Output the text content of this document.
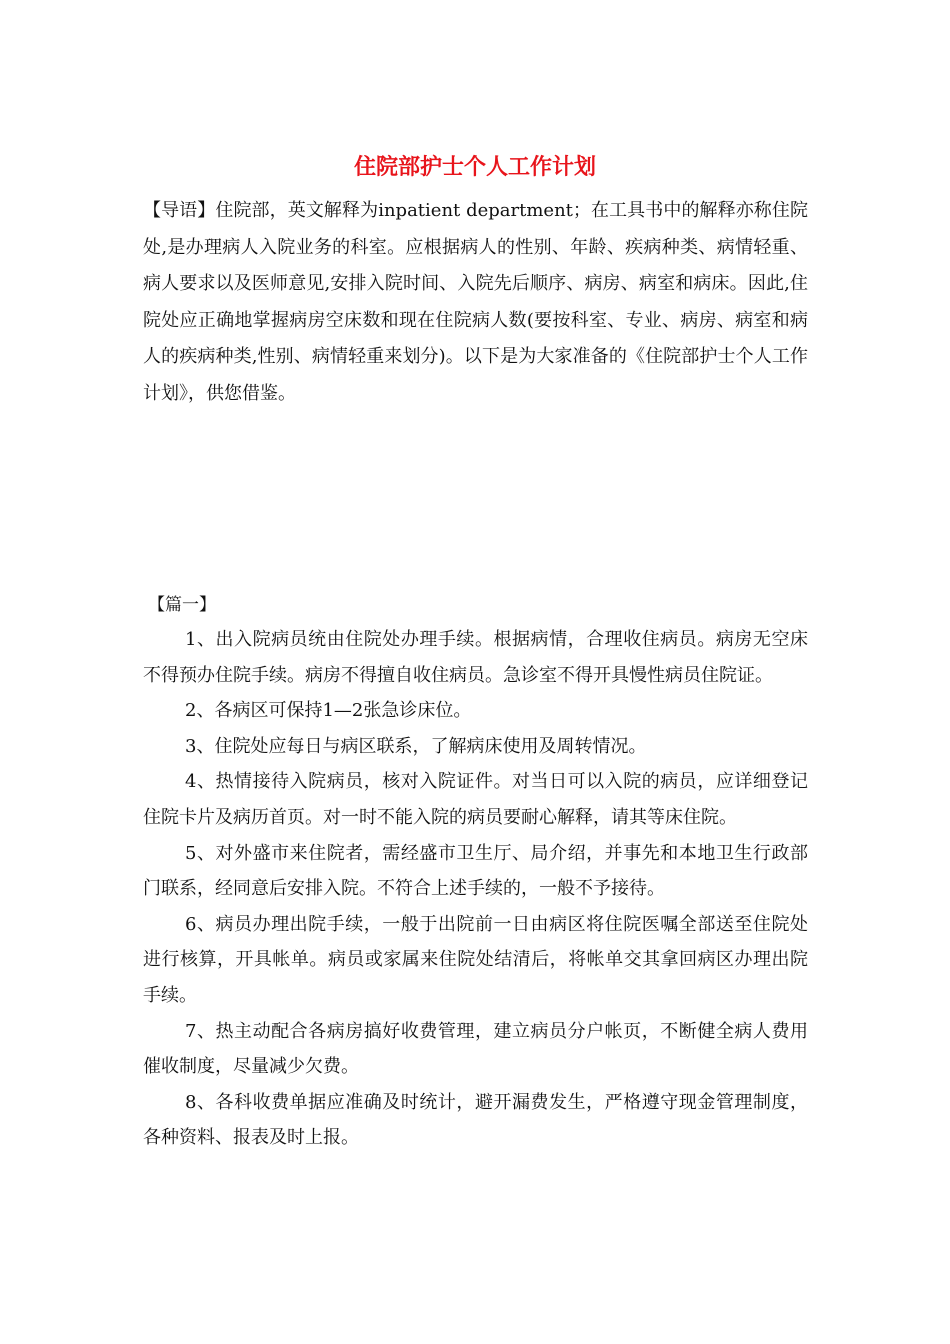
住院部护士个人工作计划

【导语】住院部，英文解释为inpatient department；在工具书中的解释亦称住院处,是办理病人入院业务的科室。应根据病人的性别、年龄、疾病种类、病情轻重、病人要求以及医师意见,安排入院时间、入院先后顺序、病房、病室和病床。因此,住院处应正确地掌握病房空床数和现在住院病人数(要按科室、专业、病房、病室和病人的疾病种类,性别、病情轻重来划分)。以下是为大家准备的《住院部护士个人工作计划》，供您借鉴。

【篇一】

1、出入院病员统由住院处办理手续。根据病情，合理收住病员。病房无空床不得预办住院手续。病房不得擅自收住病员。急诊室不得开具慢性病员住院证。

2、各病区可保持1—2张急诊床位。

3、住院处应每日与病区联系，了解病床使用及周转情况。

4、热情接待入院病员，核对入院证件。对当日可以入院的病员，应详细登记住院卡片及病历首页。对一时不能入院的病员要耐心解释，请其等床住院。

5、对外盛市来住院者，需经盛市卫生厅、局介绍，并事先和本地卫生行政部门联系，经同意后安排入院。不符合上述手续的，一般不予接待。

6、病员办理出院手续，一般于出院前一日由病区将住院医嘱全部送至住院处进行核算，开具帐单。病员或家属来住院处结清后，将帐单交其拿回病区办理出院手续。

7、热主动配合各病房搞好收费管理，建立病员分户帐页，不断健全病人费用催收制度，尽量减少欠费。

8、各科收费单据应准确及时统计，避开漏费发生，严格遵守现金管理制度，各种资料、报表及时上报。
